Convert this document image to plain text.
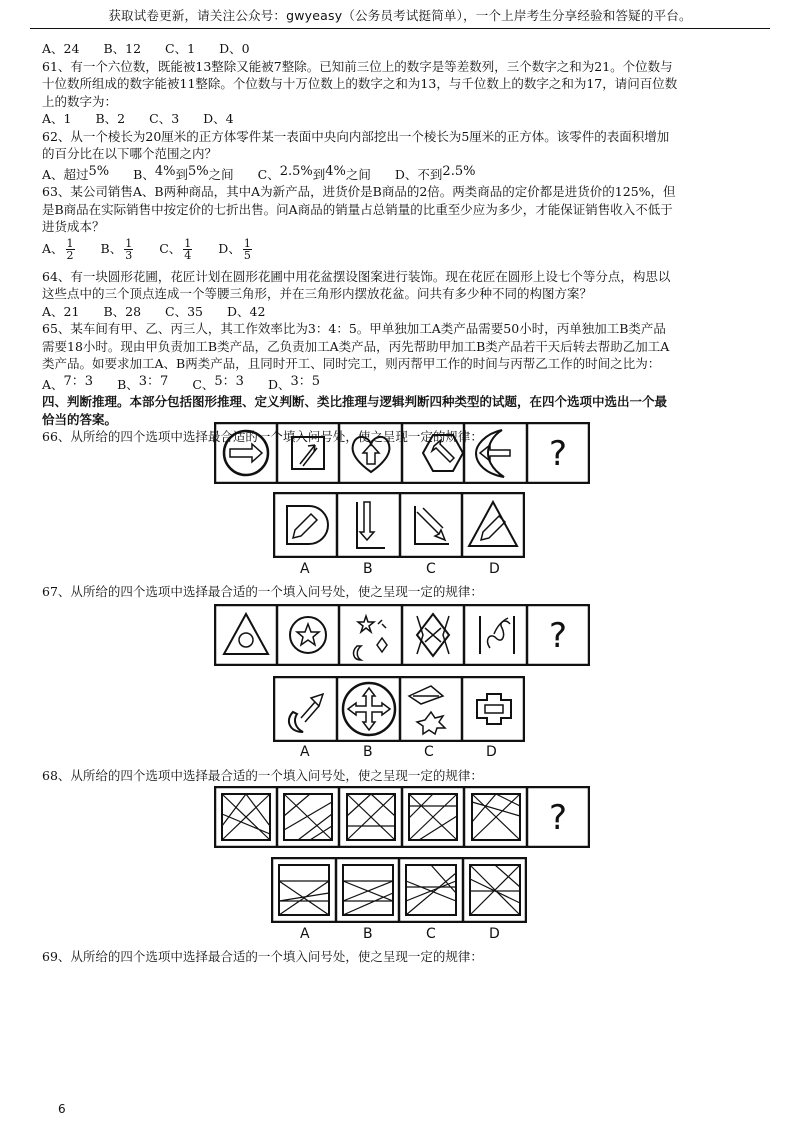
获取试卷更新，请关注公众号：gwyeasy（公务员考试挺简单），一个上岸考生分享经验和答疑的平台。
A、24 B、12 C、1 D、0
61、有一个六位数，既能被13整除又能被7整除。已知前三位上的数字是等差数列，三个数字之和为21。个位数与
十位数所组成的数字能被11整除。个位数与十万位数上的数字之和为13，与千位数上的数字之和为17，请问百位数
上的数字为：
A、1 B、2 C、3 D、4
62、从一个棱长为20厘米的正方体零件某一表面中央向内部挖出一个棱长为5厘米的正方体。该零件的表面积增加
的百分比在以下哪个范围之内？
A、超过5% B、4%到5%之间 C、2.5%到4%之间 D、不到2.5%
63、某公司销售A、B两种商品，其中A为新产品，进货价是B商品的2倍。两类商品的定价都是进货价的125%，但
是B商品在实际销售中按定价的七折出售。问A商品的销量占总销量的比重至少应为多少，才能保证销售收入不低于
进货成本？
A、 $\frac{1}{2}$ B、 $\frac{1}{3}$ C、 $\frac{1}{4}$ D、 $\frac{1}{5}$
64、有一块圆形花圃，花匠计划在圆形花圃中用花盆摆设图案进行装饰。现在花匠在圆形上设七个等分点，构思以
这些点中的三个顶点连成一个等腰三角形，并在三角形内摆放花盆。问共有多少种不同的构图方案？
A、21 B、28 C、35 D、42
65、某车间有甲、乙、丙三人，其工作效率比为3：4：5。甲单独加工A类产品需要50小时，丙单独加工B类产品
需要18小时。现由甲负责加工B类产品，乙负责加工A类产品，丙先帮助甲加工B类产品若干天后转去帮助乙加工A
类产品。如要求加工A、B两类产品，且同时开工、同时完工，则丙帮甲工作的时间与丙帮乙工作的时间之比为：
A、7：3 B、3：7 C、5：3 D、3：5
四、判断推理。本部分包括图形推理、定义判断、类比推理与逻辑判断四种类型的试题，在四个选项中选出一个最
恰当的答案。
66、从所给的四个选项中选择最合适的一个填入问号处，使之呈现一定的规律：	?
A	B	C	D
67、从所给的四个选项中选择最合适的一个填入问号处，使之呈现一定的规律：
?
A	B	C	D
68、从所给的四个选项中选择最合适的一个填入问号处，使之呈现一定的规律：
?
A	B	C	D
69、从所给的四个选项中选择最合适的一个填入问号处，使之呈现一定的规律：
6
